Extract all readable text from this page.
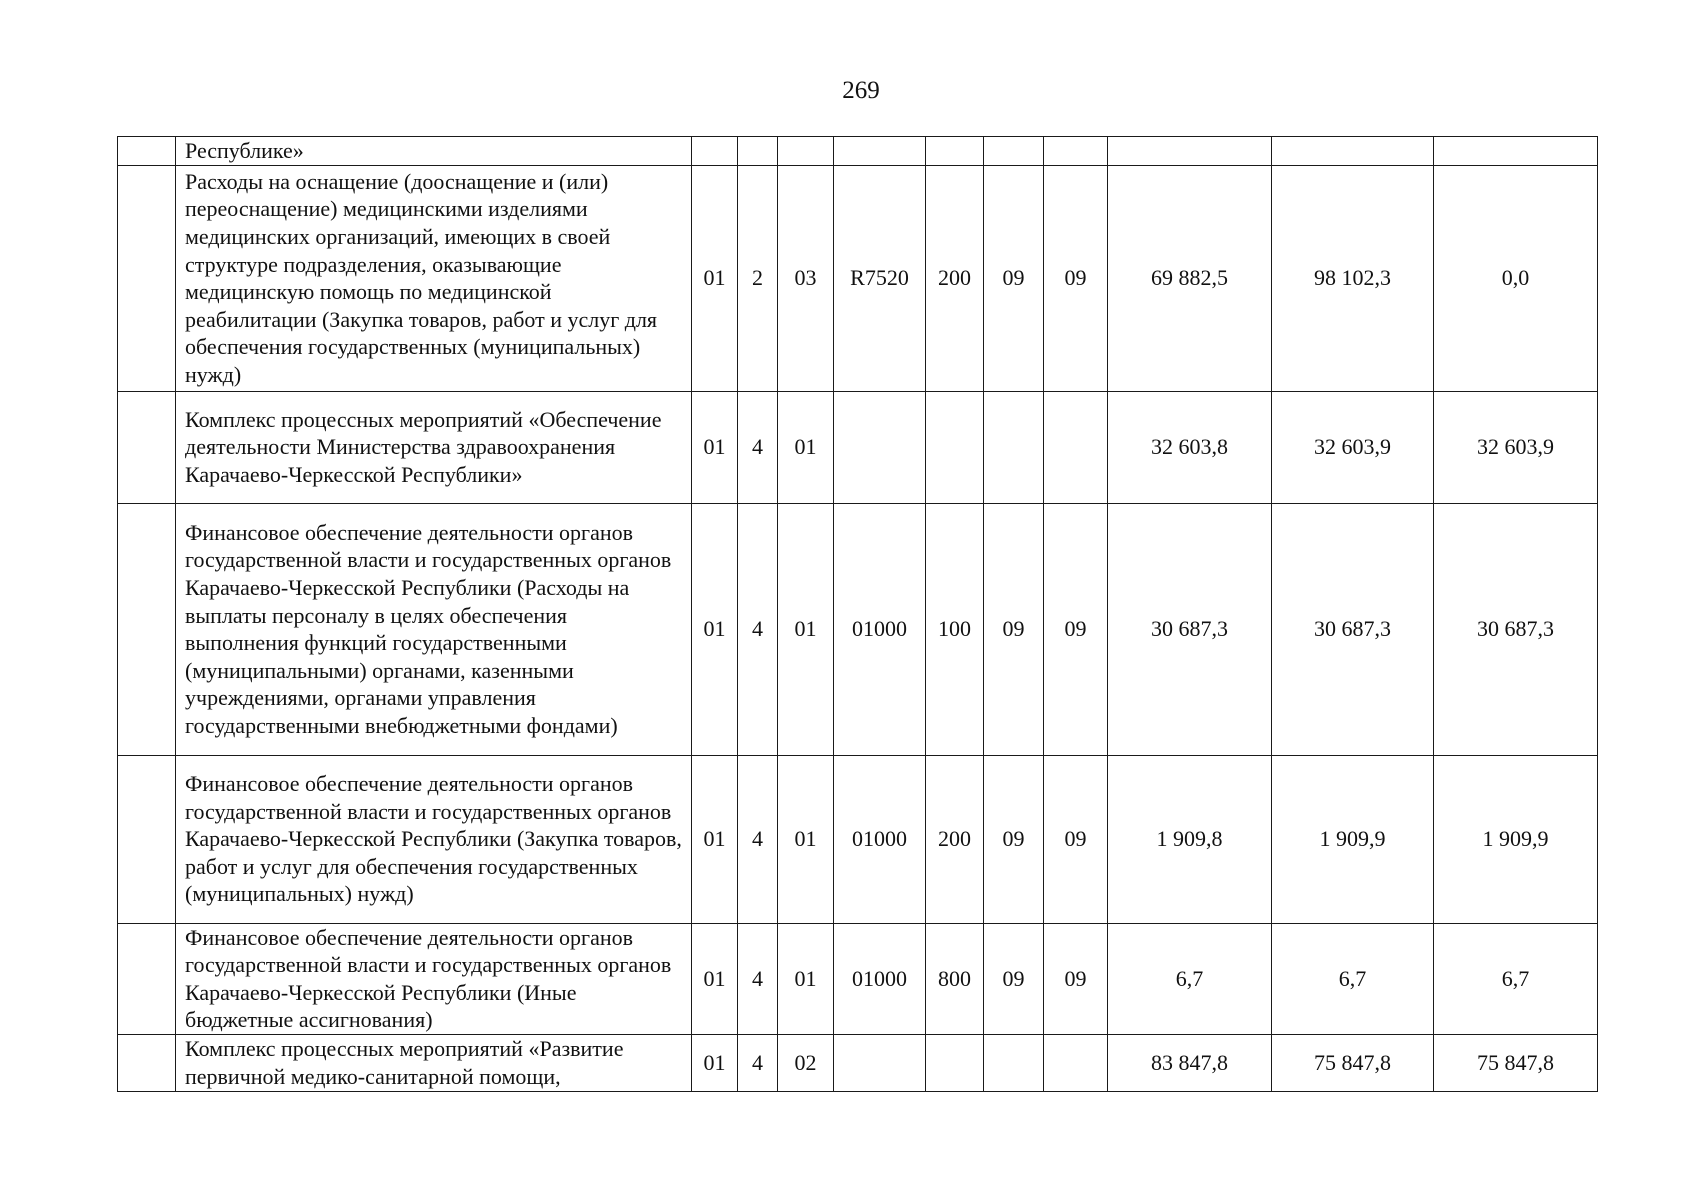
269
	Республике»										
	Расходы на оснащение (дооснащение и (или) переоснащение) медицинскими изделиями медицинских организаций, имеющих в своей структуре подразделения, оказывающие медицинскую помощь по медицинской реабилитации (Закупка товаров, работ и услуг для обеспечения государственных (муниципальных) нужд)	01	2	03	R7520	200	09	09	69 882,5	98 102,3	0,0
	Комплекс процессных мероприятий «Обеспечение деятельности Министерства здравоохранения Карачаево-Черкесской Республики»	01	4	01					32 603,8	32 603,9	32 603,9
	Финансовое обеспечение деятельности органов государственной власти и государственных органов Карачаево-Черкесской Республики (Расходы на выплаты персоналу в целях обеспечения выполнения функций государственными (муниципальными) органами, казенными учреждениями, органами управления государственными внебюджетными фондами)	01	4	01	01000	100	09	09	30 687,3	30 687,3	30 687,3
	Финансовое обеспечение деятельности органов государственной власти и государственных органов Карачаево-Черкесской Республики (Закупка товаров, работ и услуг для обеспечения государственных (муниципальных) нужд)	01	4	01	01000	200	09	09	1 909,8	1 909,9	1 909,9
	Финансовое обеспечение деятельности органов государственной власти и государственных органов Карачаево-Черкесской Республики (Иные бюджетные ассигнования)	01	4	01	01000	800	09	09	6,7	6,7	6,7
	Комплекс процессных мероприятий «Развитие первичной медико-санитарной помощи,	01	4	02					83 847,8	75 847,8	75 847,8
